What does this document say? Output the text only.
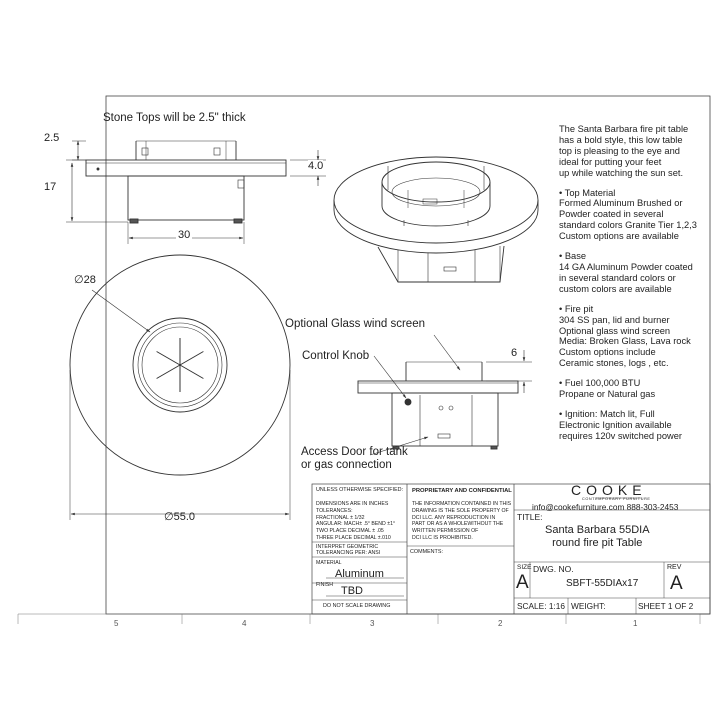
Stone Tops will be 2.5" thick
2.5
17
30
4.0
∅28
∅55.0
6
Optional Glass wind screen
Control Knob
Access Door for tank
or gas connection

The Santa Barbara fire pit table
has a bold style, this low table
top is pleasing to the eye and
ideal for putting your feet
up while watching the sun set.

• Top Material
Formed Aluminum Brushed or
Powder coated in several
standard colors Granite Tier 1,2,3
Custom options are available

• Base
14 GA Aluminum Powder coated
in several standard colors or
custom colors are available

• Fire pit
304 SS pan, lid and burner
Optional glass wind screen
Media: Broken Glass, Lava rock
Custom options include
Ceramic stones, logs , etc.

• Fuel 100,000 BTU
Propane or Natural gas

• Ignition: Match lit, Full
Electronic Ignition available
requires 120v switched power

UNLESS OTHERWISE SPECIFIED:
DIMENSIONS ARE IN INCHES
TOLERANCES:
FRACTIONAL ± 1/32
ANGULAR: MACH± .5° BEND ±1°
TWO PLACE DECIMAL ± .05
THREE PLACE DECIMAL ±.010
INTERPRET GEOMETRIC
TOLERANCING PER: ANSI
MATERIAL
Aluminum
FINISH TBD
DO NOT SCALE DRAWING
PROPRIETARY AND CONFIDENTIAL
THE INFORMATION CONTAINED IN THIS
DRAWING IS THE SOLE PROPERTY OF
DCI LLC. ANY REPRODUCTION IN
PART OR AS A WHOLEWITHOUT THE
WRITTEN PERMISSION OF
DCI LLC IS PROHIBITED.
COMMENTS:
COOKE
CONTEMPORARY FURNITURE
info@cookefurniture.com 888-303-2453
TITLE:
Santa Barbara 55DIA
round fire pit Table
SIZE
A
DWG. NO.
SBFT-55DIAx17
REV
A
SCALE: 1:16 WEIGHT:	SHEET 1 OF 2
5	4	3	2	1
